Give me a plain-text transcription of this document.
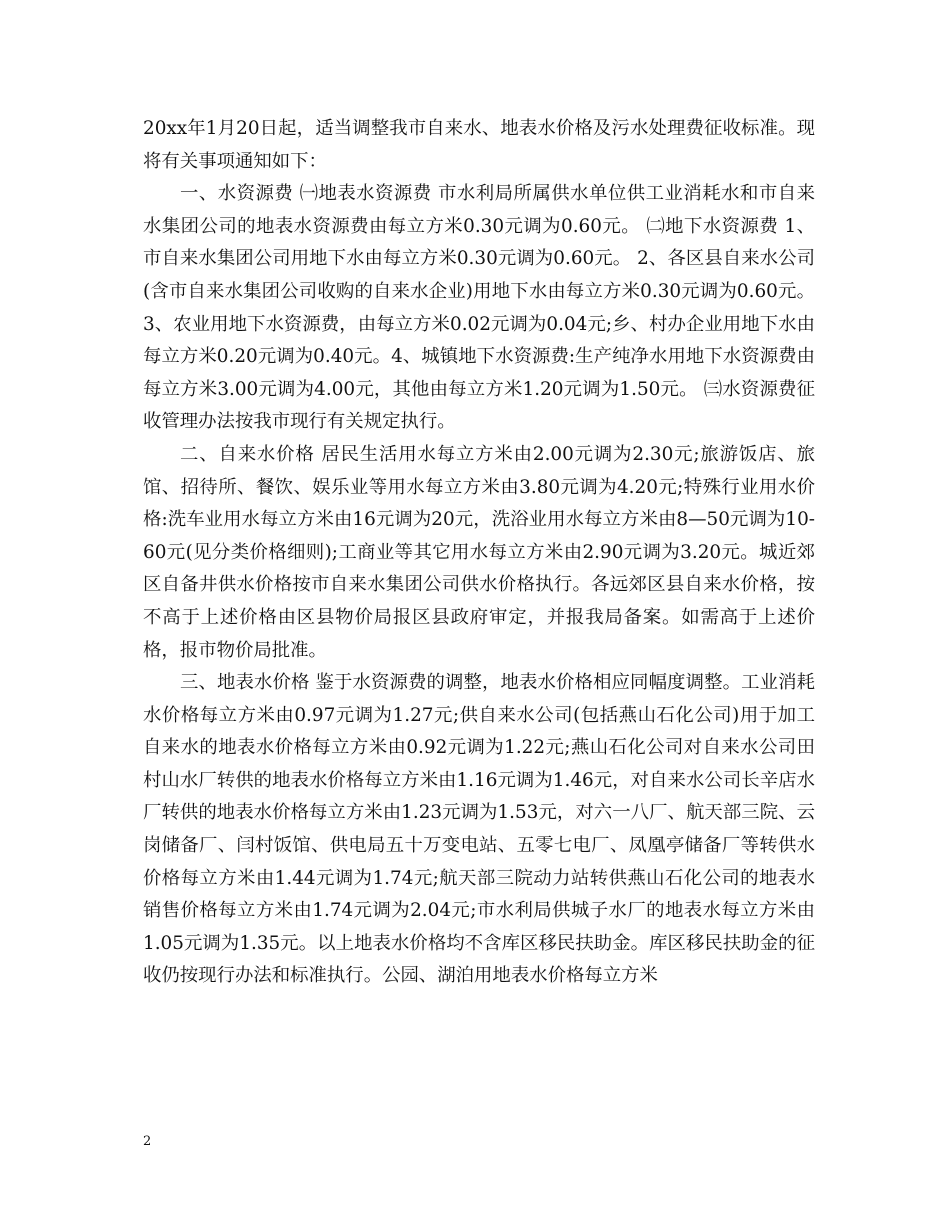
20xx年1月20日起，适当调整我市自来水、地表水价格及污水处理费征收标准。现将有关事项通知如下：

一、水资源费 ㈠地表水资源费 市水利局所属供水单位供工业消耗水和市自来水集团公司的地表水资源费由每立方米0.30元调为0.60元。 ㈡地下水资源费 1、市自来水集团公司用地下水由每立方米0.30元调为0.60元。 2、各区县自来水公司(含市自来水集团公司收购的自来水企业)用地下水由每立方米0.30元调为0.60元。 3、农业用地下水资源费，由每立方米0.02元调为0.04元;乡、村办企业用地下水由每立方米0.20元调为0.40元。4、城镇地下水资源费:生产纯净水用地下水资源费由每立方米3.00元调为4.00元，其他由每立方米1.20元调为1.50元。 ㈢水资源费征收管理办法按我市现行有关规定执行。

二、自来水价格 居民生活用水每立方米由2.00元调为2.30元;旅游饭店、旅馆、招待所、餐饮、娱乐业等用水每立方米由3.80元调为4.20元;特殊行业用水价格:洗车业用水每立方米由16元调为20元，洗浴业用水每立方米由8—50元调为10-60元(见分类价格细则);工商业等其它用水每立方米由2.90元调为3.20元。城近郊区自备井供水价格按市自来水集团公司供水价格执行。各远郊区县自来水价格，按不高于上述价格由区县物价局报区县政府审定，并报我局备案。如需高于上述价格，报市物价局批准。

三、地表水价格 鉴于水资源费的调整，地表水价格相应同幅度调整。工业消耗水价格每立方米由0.97元调为1.27元;供自来水公司(包括燕山石化公司)用于加工自来水的地表水价格每立方米由0.92元调为1.22元;燕山石化公司对自来水公司田村山水厂转供的地表水价格每立方米由1.16元调为1.46元，对自来水公司长辛店水厂转供的地表水价格每立方米由1.23元调为1.53元，对六一八厂、航天部三院、云岗储备厂、闫村饭馆、供电局五十万变电站、五零七电厂、凤凰亭储备厂等转供水价格每立方米由1.44元调为1.74元;航天部三院动力站转供燕山石化公司的地表水销售价格每立方米由1.74元调为2.04元;市水利局供城子水厂的地表水每立方米由1.05元调为1.35元。以上地表水价格均不含库区移民扶助金。库区移民扶助金的征收仍按现行办法和标准执行。公园、湖泊用地表水价格每立方米

2
